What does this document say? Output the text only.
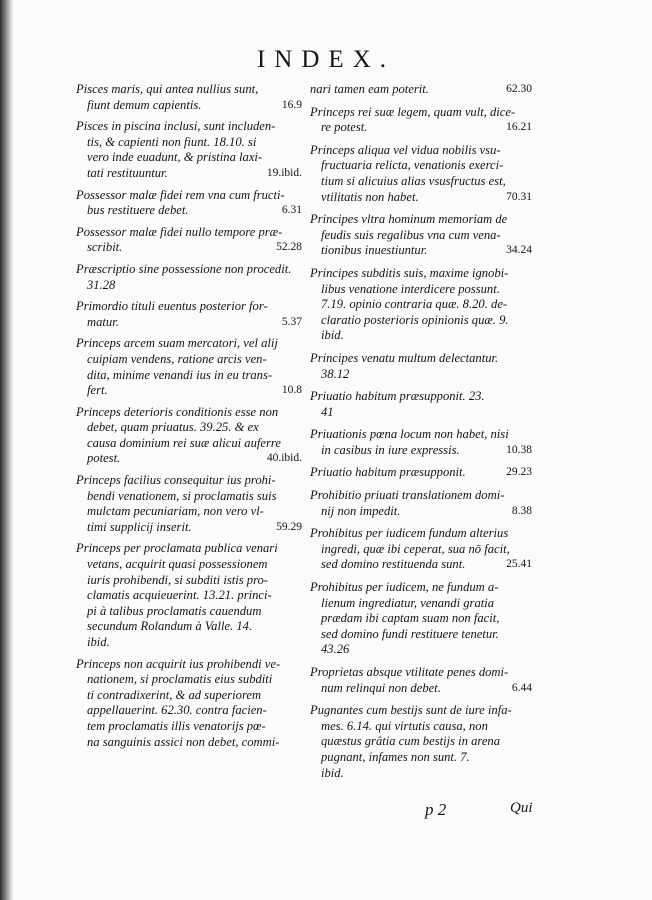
INDEX.
Pisces maris, qui antea nullius sunt,
fiunt demum capientis.	16.9
Pisces in piscina inclusi, sunt includen-
tis, & capienti non fiunt. 18.10. si
vero inde euadunt, & pristina laxi-
tati restituuntur.	19.ibid.
Possessor malæ fidei rem vna cum fructi-
bus restituere debet.	6.31
Possessor malæ fidei nullo tempore præ-
scribit.	52.28
Præscriptio sine possessione non procedit.
31.28
Primordio tituli euentus posterior for-
matur.	5.37
Princeps arcem suam mercatori, vel alij
cuipiam vendens, ratione arcis ven-
dita, minime venandi ius in eu trans-
fert.	10.8
Princeps deterioris conditionis esse non
debet, quam priuatus. 39.25. & ex
causa dominium rei suæ alicui auferre
potest.	40.ibid.
Princeps facilius consequitur ius prohi-
bendi venationem, si proclamatis suis
mulctam pecuniariam, non vero vl-
timi supplicij inserit.	59.29
Princeps per proclamata publica venari
vetans, acquirit quasi possessionem
iuris prohibendi, si subditi istis pro-
clamatis acquieuerint. 13.21. princi-
pi à talibus proclamatis cauendum
secundum Rolandum à Valle. 14.
ibid.
Princeps non acquirit ius prohibendi ve-
nationem, si proclamatis eius subditi
ti contradixerint, & ad superiorem
appellauerint. 62.30. contra facien-
tem proclamatis illis venatorijs pœ-
na sanguinis assici non debet, commi-
nari tamen eam poterit.	62.30
Princeps rei suæ legem, quam vult, dice-
re potest.	16.21
Princeps aliqua vel vidua nobilis vsu-
fructuaria relicta, venationis exerci-
tium si alicuius alias vsusfructus est,
vtilitatis non habet.	70.31
Principes vltra hominum memoriam de
feudis suis regalibus vna cum vena-
tionibus inuestiuntur.	34.24
Principes subditis suis, maxime ignobi-
libus venatione interdicere possunt.
7.19. opinio contraria quæ. 8.20. de-
claratio posterioris opinionis quæ. 9.
ibid.
Principes venatu multum delectantur.
38.12
Priuatio habitum præsupponit. 23.
41
Priuationis pœna locum non habet, nisi
in casibus in iure expressis.	10.38
Priuatio habitum præsupponit.	29.23
Prohibitio priuati translationem domi-
nij non impedit.	8.38
Prohibitus per iudicem fundum alterius
ingredi, quæ ibi ceperat, sua nō facit,
sed domino restituenda sunt.	25.41
Prohibitus per iudicem, ne fundum a-
lienum ingrediatur, venandi gratia
prædam ibi captam suam non facit,
sed domino fundi restituere tenetur.
43.26
Proprietas absque vtilitate penes domi-
num relinqui non debet.	6.44
Pugnantes cum bestijs sunt de iure infa-
mes. 6.14. qui virtutis causa, non
quæstus grâtia cum bestijs in arena
pugnant, infames non sunt. 7.
ibid.
p 2	Qui
